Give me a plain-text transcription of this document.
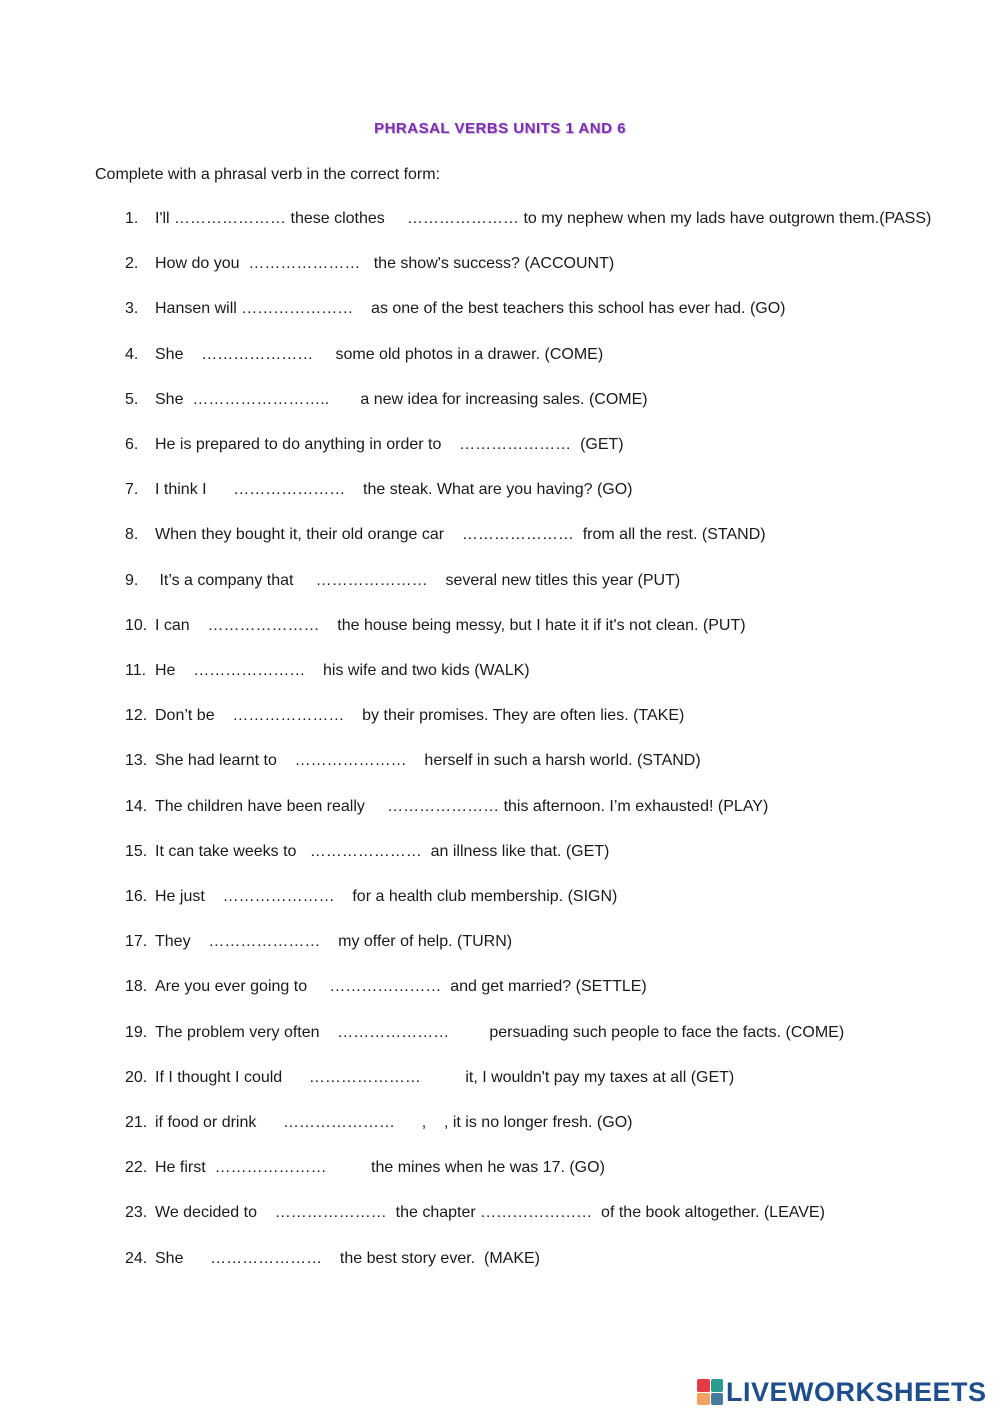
PHRASAL VERBS UNITS 1 AND 6
Complete with a phrasal verb in the correct form:
1. I'll ………………… these clothes     ………………… to my nephew when my lads have outgrown them.(PASS)
2. How do you  …………………   the show's success? (ACCOUNT)
3. Hansen will …………………    as one of the best teachers this school has ever had. (GO)
4. She    …………………     some old photos in a drawer. (COME)
5. She  ……………………..       a new idea for increasing sales. (COME)
6. He is prepared to do anything in order to    …………………  (GET)
7. I think I      …………………    the steak. What are you having? (GO)
8. When they bought it, their old orange car    …………………  from all the rest. (STAND)
9. It’s a company that     …………………    several new titles this year (PUT)
10. I can    …………………    the house being messy, but I hate it if it's not clean. (PUT)
11. He    …………………    his wife and two kids (WALK)
12. Don’t be    …………………    by their promises. They are often lies. (TAKE)
13. She had learnt to    …………………    herself in such a harsh world. (STAND)
14. The children have been really     ………………… this afternoon. I’m exhausted! (PLAY)
15. It can take weeks to   …………………  an illness like that. (GET)
16. He just    …………………    for a health club membership. (SIGN)
17. They    …………………    my offer of help. (TURN)
18. Are you ever going to     …………………  and get married? (SETTLE)
19. The problem very often    …………………         persuading such people to face the facts. (COME)
20. If I thought I could      …………………          it, I wouldn't pay my taxes at all (GET)
21. if food or drink      …………………      ,    , it is no longer fresh. (GO)
22. He first  …………………          the mines when he was 17. (GO)
23. We decided to    …………………  the chapter …………………  of the book altogether. (LEAVE)
24. She      …………………    the best story ever.  (MAKE)
LIVEWORKSHEETS
